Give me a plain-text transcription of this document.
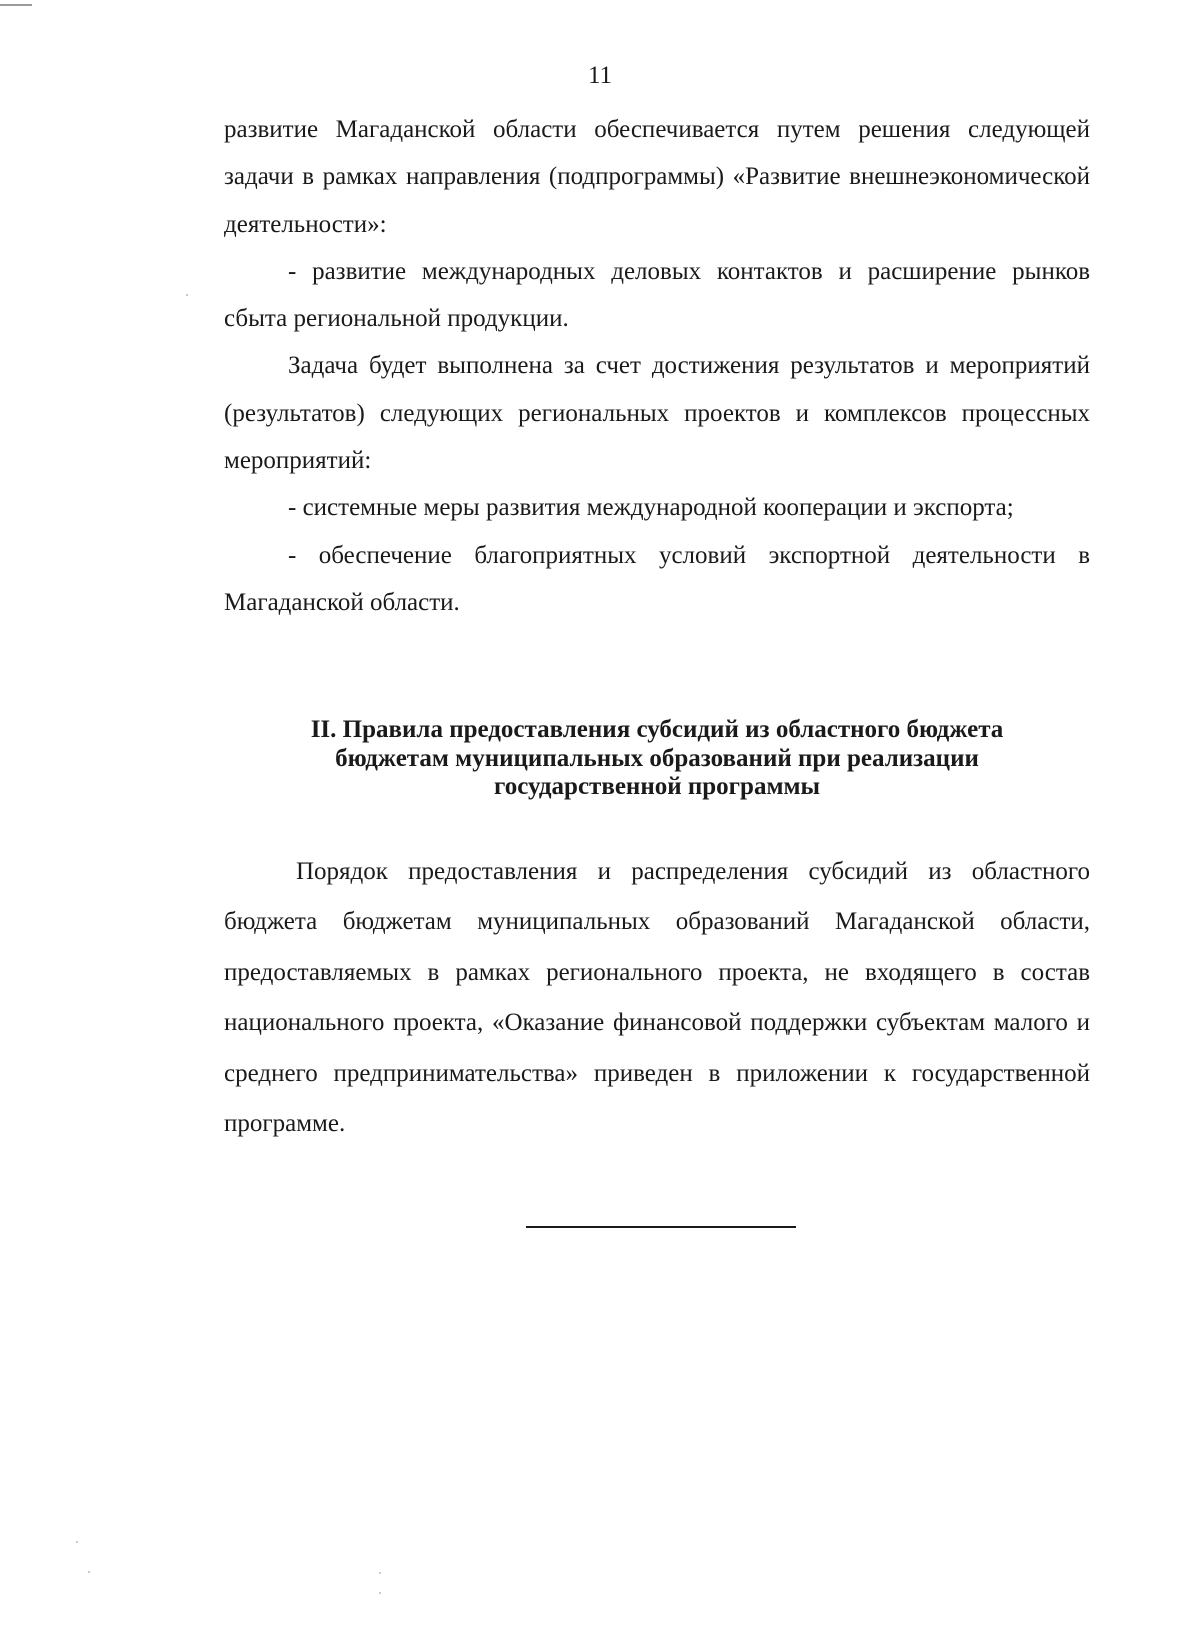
11

развитие Магаданской области обеспечивается путем решения следующей задачи в рамках направления (подпрограммы) «Развитие внешнеэкономической деятельности»:

- развитие международных деловых контактов и расширение рынков сбыта региональной продукции.

Задача будет выполнена за счет достижения результатов и мероприятий (результатов) следующих региональных проектов и комплексов процессных мероприятий:

- системные меры развития международной кооперации и экспорта;

- обеспечение благоприятных условий экспортной деятельности в Магаданской области.

II. Правила предоставления субсидий из областного бюджета
бюджетам муниципальных образований при реализации
государственной программы

Порядок предоставления и распределения субсидий из областного бюджета бюджетам муниципальных образований Магаданской области, предоставляемых в рамках регионального проекта, не входящего в состав национального проекта, «Оказание финансовой поддержки субъектам малого и среднего предпринимательства» приведен в приложении к государственной программе.
